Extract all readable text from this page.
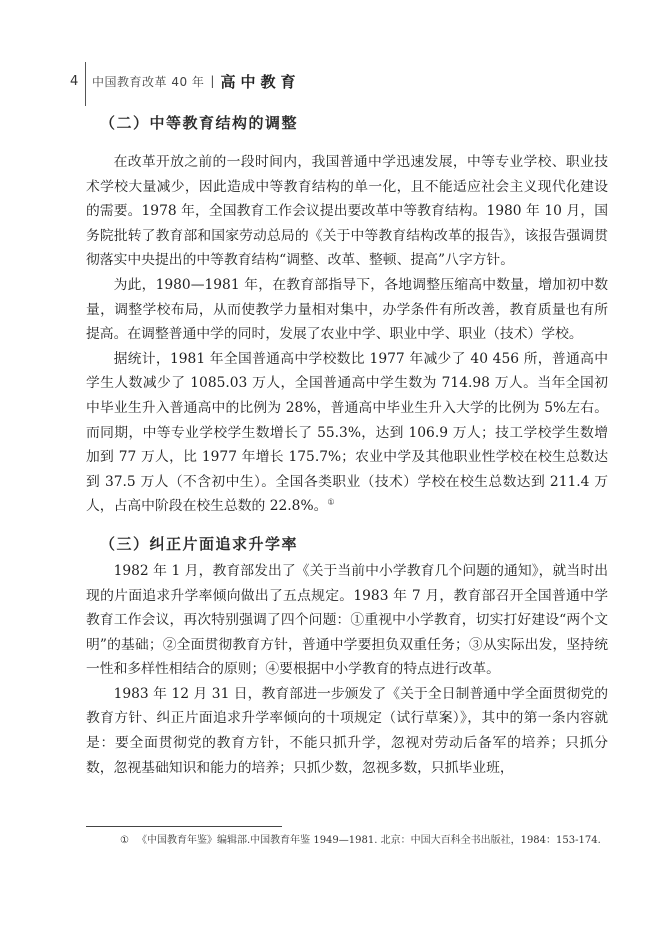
4	中国教育改革 40 年 | 高中教育
（二）中等教育结构的调整

在改革开放之前的一段时间内，我国普通中学迅速发展，中等专业学校、职业技术学校大量减少，因此造成中等教育结构的单一化，且不能适应社会主义现代化建设的需要。1978 年，全国教育工作会议提出要改革中等教育结构。1980 年 10 月，国务院批转了教育部和国家劳动总局的《关于中等教育结构改革的报告》，该报告强调贯彻落实中央提出的中等教育结构“调整、改革、整顿、提高”八字方针。

为此，1980—1981 年，在教育部指导下，各地调整压缩高中数量，增加初中数量，调整学校布局，从而使教学力量相对集中，办学条件有所改善，教育质量也有所提高。在调整普通中学的同时，发展了农业中学、职业中学、职业（技术）学校。

据统计，1981 年全国普通高中学校数比 1977 年减少了 40 456 所，普通高中学生人数减少了 1085.03 万人，全国普通高中学生数为 714.98 万人。当年全国初中毕业生升入普通高中的比例为 28%，普通高中毕业生升入大学的比例为 5%左右。而同期，中等专业学校学生数增长了 55.3%，达到 106.9 万人；技工学校学生数增加到 77 万人，比 1977 年增长 175.7%；农业中学及其他职业性学校在校生总数达到 37.5 万人（不含初中生）。全国各类职业（技术）学校在校生总数达到 211.4 万人，占高中阶段在校生总数的 22.8%。①

（三）纠正片面追求升学率

1982 年 1 月，教育部发出了《关于当前中小学教育几个问题的通知》，就当时出现的片面追求升学率倾向做出了五点规定。1983 年 7 月，教育部召开全国普通中学教育工作会议，再次特别强调了四个问题：①重视中小学教育，切实打好建设“两个文明”的基础；②全面贯彻教育方针，普通中学要担负双重任务；③从实际出发，坚持统一性和多样性相结合的原则；④要根据中小学教育的特点进行改革。

1983 年 12 月 31 日，教育部进一步颁发了《关于全日制普通中学全面贯彻党的教育方针、纠正片面追求升学率倾向的十项规定（试行草案）》，其中的第一条内容就是：要全面贯彻党的教育方针，不能只抓升学，忽视对劳动后备军的培养；只抓分数，忽视基础知识和能力的培养；只抓少数，忽视多数，只抓毕业班，

① 《中国教育年鉴》编辑部.中国教育年鉴 1949—1981. 北京：中国大百科全书出版社，1984：153-174.
